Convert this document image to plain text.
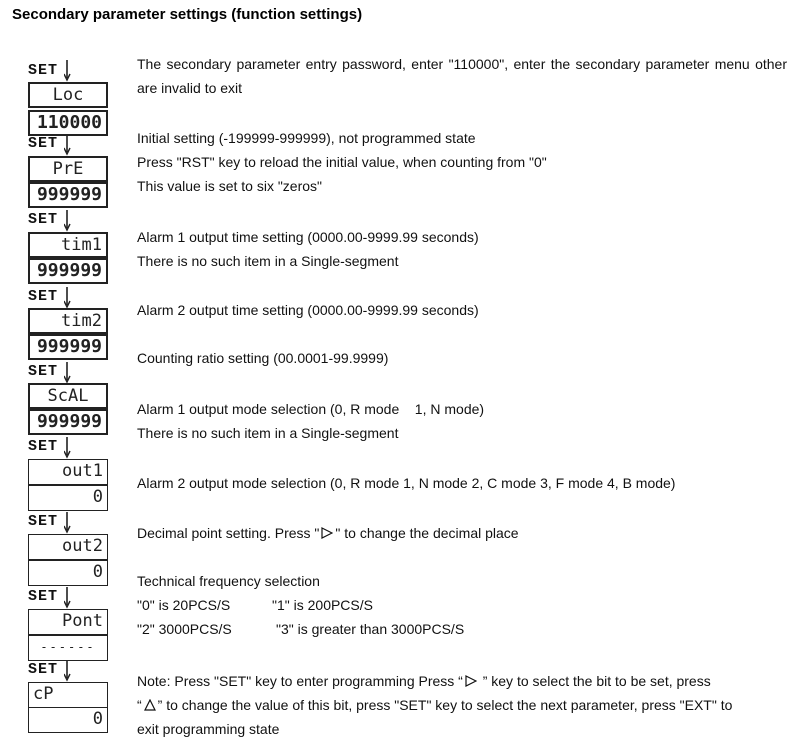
Secondary parameter settings (function settings)
SET
Loc
110000
SET
PrE
999999
SET
tim1
999999
SET
tim2
999999
SET
ScAL
999999
SET
out1
0
SET
out2
0
SET
Pont
------
SET
cP
0
The secondary parameter entry password, enter "110000", enter the secondary parameter menu other are invalid to exit
Initial setting (-199999-999999), not programmed state
Press "RST" key to reload the initial value, when counting from "0"
This value is set to six "zeros"
Alarm 1 output time setting (0000.00-9999.99 seconds)
There is no such item in a Single-segment
Alarm 2 output time setting (0000.00-9999.99 seconds)
Counting ratio setting (00.0001-99.9999)
Alarm 1 output mode selection (0, R mode    1, N mode)
There is no such item in a Single-segment
Alarm 2 output mode selection (0, R mode 1, N mode 2, C mode 3, F mode 4, B mode)
Decimal point setting. Press " " to change the decimal place
Technical frequency selection
"0" is 20PCS/S	"1" is 200PCS/S
"2" 3000PCS/S	"3" is greater than 3000PCS/S
Note: Press "SET" key to enter programming Press “ ” key to select the bit to be set, press
“ ” to change the value of this bit, press "SET" key to select the next parameter, press "EXT" to
exit programming state
